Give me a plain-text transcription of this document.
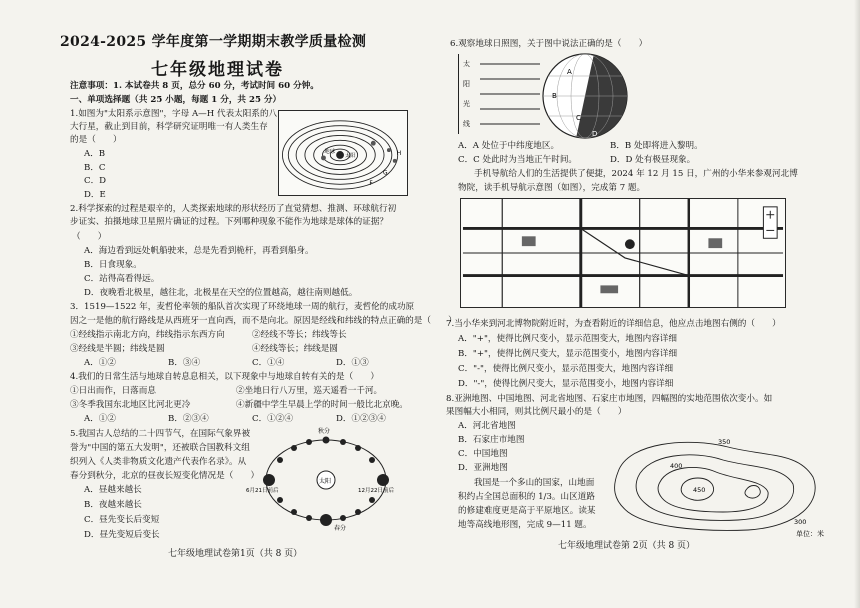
2024-2025 学年度第一学期期末教学质量检测
七年级地理试卷
注意事项：1. 本试卷共 8 页，总分 60 分，考试时间 60 分钟。
一、单项选择题（共 25 小题，每题 1 分，共 25 分）
1.如图为"太阳系示意图"，字母 A—H 代表太阳系的八
大行星，截止到目前，科学研究证明唯一有人类生存
的是（　　）
A．B
B．C
C．D
D．E
地球
太阳	H
G
F
2.科学探索的过程是艰辛的，人类探索地球的形状经历了直觉猜想、推测、环球航行初
步证实、拍摄地球卫星照片确证的过程。下列哪种现象不能作为地球是球体的证据？
（　　）
A．海边看到远处帆船驶来，总是先看到桅杆，再看到船身。
B．日食现象。
C．站得高看得远。
D．夜晚看北极星，越往北，北极星在天空的位置越高，越往南则越低。
3．1519—1522 年，麦哲伦率领的船队首次实现了环绕地球一周的航行，麦哲伦的成功原
因之一是他的航行路线是从西班牙一直向西，而不是向北。原因是经线和纬线的特点正确的是（　　）
①经线指示南北方向，纬线指示东西方向	②经线不等长；纬线等长
③经线是半圆；纬线是圆	④经线等长；纬线是圆
A．①②	B．③④	C．①④	D．①③
4.我们的日常生活与地球自转息息相关，以下现象中与地球自转有关的是（　　）
①日出而作，日落而息	②坐地日行八万里，巡天遥看一千河。
③冬季我国东北地区比河北更冷	④新疆中学生早晨上学的时间一般比北京晚。
A．①②	B．②③④	C．①②④	D．①②③④
5.我国古人总结的二十四节气，在国际气象界被
誉为"中国的第五大发明"，还被联合国教科文组
织列入《人类非物质文化遗产代表作名录》。从
春分到秋分，北京的昼夜长短变化情况是（　　）
A．昼越来越长
B．夜越来越长
C．昼先变长后变短
D．昼先变短后变长
太阳
秋分
春分
6月21日前后	12月22日前后
七年级地理试卷第1页（共 8 页）
6.观察地球日照图，关于图中说法正确的是（　　）
太
阳
光
线
A
B
C
D
A．A 处位于中纬度地区。	B．B 处即将进入黎明。
C．C 处此时为当地正午时间。	D．D 处有极昼现象。
手机导航给人们的生活提供了便捷，2024 年 12 月 15 日，广州的小华来参观河北博
物院，读手机导航示意图（如图），完成第 7 题。
7.当小华来到河北博物院附近时，为查看附近的详细信息，他应点击地图右侧的（　　）
A．"+"，使得比例尺变小，显示范围变大，地图内容详细
B．"+"，使得比例尺变大，显示范围变小，地图内容详细
C．"-"，使得比例尺变小，显示范围变大，地图内容详细
D．"-"，使得比例尺变大，显示范围变小，地图内容详细
8.亚洲地图、中国地图、河北省地图、石家庄市地图，四幅图的实地范围依次变小。如
果图幅大小相同，则其比例尺最小的是（　　）
A．河北省地图
B．石家庄市地图
C．中国地图
D．亚洲地图
我国是一个多山的国家，山地面
积约占全国总面积的 1/3。山区道路
的修建难度更是高于平原地区。读某
地等高线地形图，完成 9—11 题。
350
400
450
300
单位：米
七年级地理试卷第 2页（共 8 页）
